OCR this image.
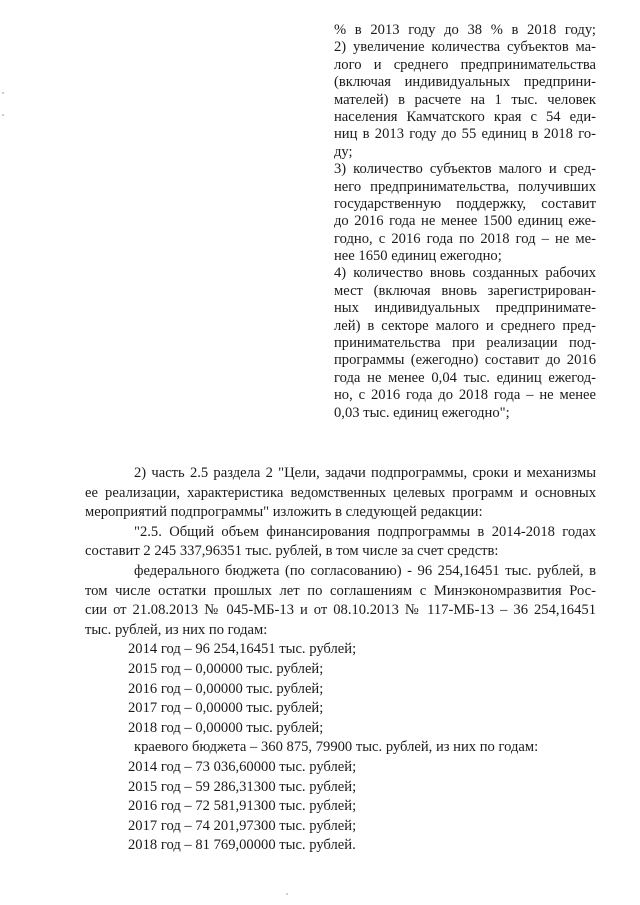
% в 2013 году до 38 % в 2018 году;
2) увеличение количества субъектов ма-
лого и среднего предпринимательства
(включая индивидуальных предприни-
мателей) в расчете на 1 тыс. человек
населения Камчатского края с 54 еди-
ниц в 2013 году до 55 единиц в 2018 го-
ду;
3) количество субъектов малого и сред-
него предпринимательства, получивших
государственную поддержку, составит
до 2016 года не менее 1500 единиц еже-
годно, с 2016 года по 2018 год – не ме-
нее 1650 единиц ежегодно;
4) количество вновь созданных рабочих
мест (включая вновь зарегистрирован-
ных индивидуальных предпринимате-
лей) в секторе малого и среднего пред-
принимательства при реализации под-
программы (ежегодно) составит до 2016
года не менее 0,04 тыс. единиц ежегод-
но, с 2016 года до 2018 года – не менее
0,03 тыс. единиц ежегодно";
2) часть 2.5 раздела 2 "Цели, задачи подпрограммы, сроки и механизмы
ее реализации, характеристика ведомственных целевых программ и основных
мероприятий подпрограммы" изложить в следующей редакции:
"2.5. Общий объем финансирования подпрограммы в 2014-2018 годах
составит 2 245 337,96351 тыс. рублей, в том числе за счет средств:
федерального бюджета (по согласованию) - 96 254,16451 тыс. рублей, в
том числе остатки прошлых лет по соглашениям с Минэкономразвития Рос-
сии от 21.08.2013 № 045-МБ-13 и от 08.10.2013 № 117-МБ-13 – 36 254,16451
тыс. рублей, из них по годам:
2014 год – 96 254,16451 тыс. рублей;
2015 год – 0,00000 тыс. рублей;
2016 год – 0,00000 тыс. рублей;
2017 год – 0,00000 тыс. рублей;
2018 год – 0,00000 тыс. рублей;
краевого бюджета – 360 875, 79900 тыс. рублей, из них по годам:
2014 год – 73 036,60000 тыс. рублей;
2015 год – 59 286,31300 тыс. рублей;
2016 год – 72 581,91300 тыс. рублей;
2017 год – 74 201,97300 тыс. рублей;
2018 год – 81 769,00000 тыс. рублей.
